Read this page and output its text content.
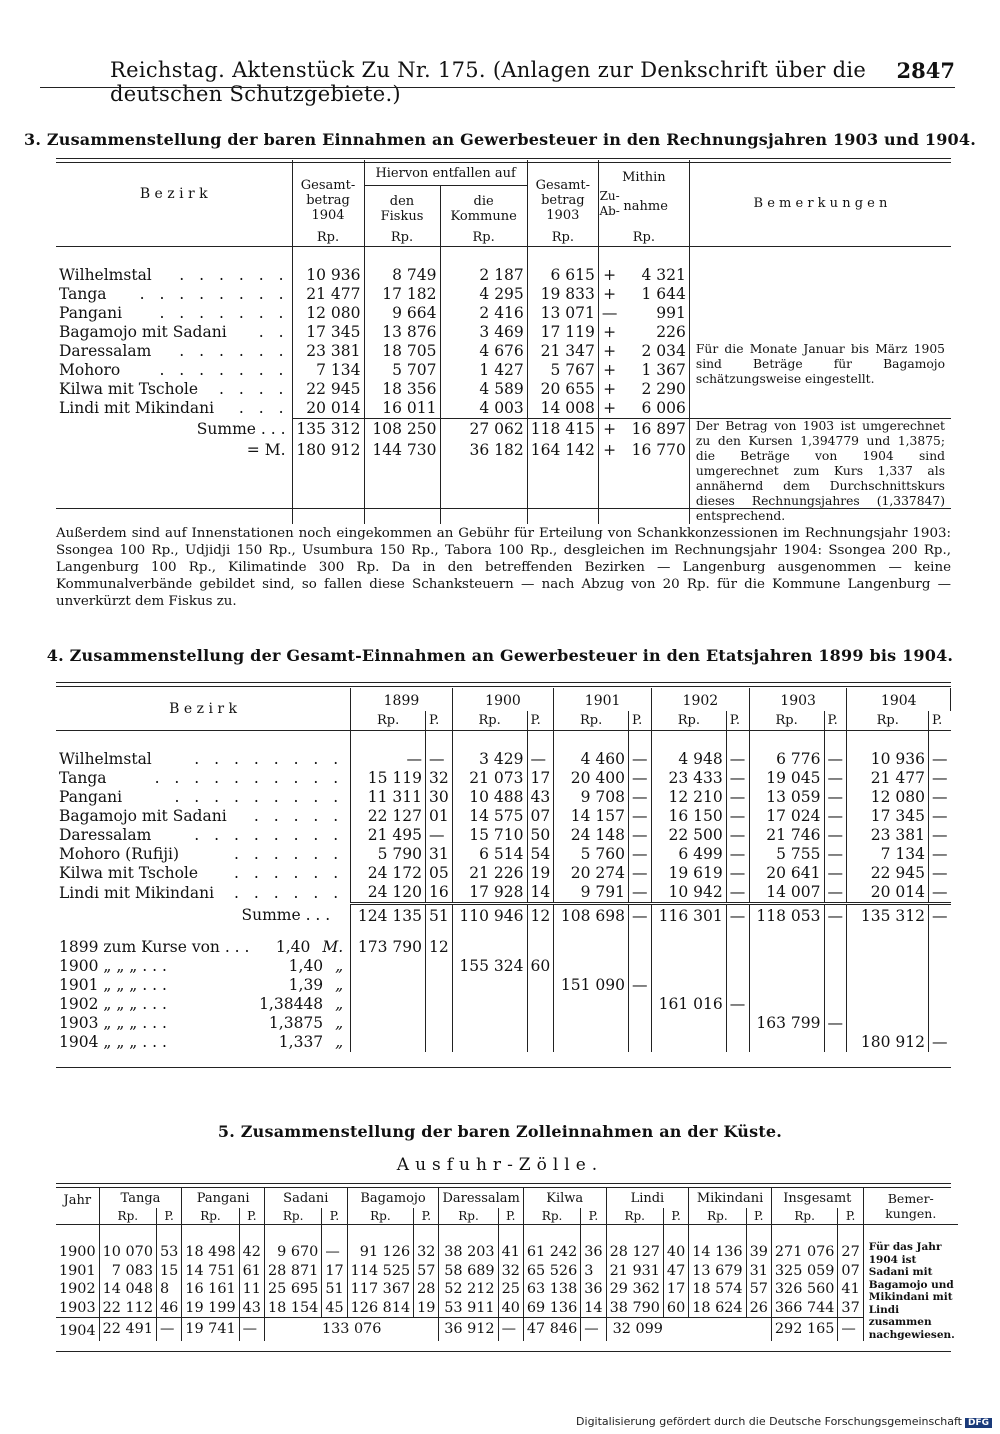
Reichstag. Aktenstück Zu Nr. 175. (Anlagen zur Denkschrift über die deutschen Schutzgebiete.)
2847
3. Zusammenstellung der baren Einnahmen an Gewerbesteuer in den Rechnungsjahren 1903 und 1904.
B e z i r k	Gesamt-betrag 1904	Hiervon entfallen auf		Gesamt-betrag 1903	Mithin		B e m e r k u n g e n
		den Fiskus	die Kommune		Zu- Ab-	nahme	
	Rp.	Rp.	Rp.	Rp.	Rp.		

Wilhelmstal . . . . . .	10 936	8 749	2 187	6 615	+	4 321	
Tanga . . . . . . . .	21 477	17 182	4 295	19 833	+	1 644	
Pangani . . . . . . .	12 080	9 664	2 416	13 071	—	991	
Bagamojo mit Sadani . .	17 345	13 876	3 469	17 119	+	226	
Daressalam . . . . . .	23 381	18 705	4 676	21 347	+	2 034	Für die Monate Januar bis März 1905 sind Beträge für Bagamojo schätzungsweise eingestellt.
Mohoro . . . . . . .	7 134	5 707	1 427	5 767	+	1 367	
Kilwa mit Tschole . . . .	22 945	18 356	4 589	20 655	+	2 290	
Lindi mit Mikindani . . .	20 014	16 011	4 003	14 008	+	6 006	
Summe . . .	135 312	108 250	27 062	118 415	+	16 897	Der Betrag von 1903 ist umgerechnet zu den Kursen 1,394779 und 1,3875; die Beträge von 1904 sind umgerechnet zum Kurs 1,337 als annähernd dem Durchschnittskurs dieses Rechnungsjahres (1,337847) entsprechend.
= M.	180 912	144 730	36 182	164 142	+	16 770	

Außerdem sind auf Innenstationen noch eingekommen an Gebühr für Erteilung von Schankkonzessionen im Rechnungsjahr 1903: Ssongea 100 Rp., Udjidji 150 Rp., Usumbura 150 Rp., Tabora 100 Rp., desgleichen im Rechnungsjahr 1904: Ssongea 200 Rp., Langenburg 100 Rp., Kilimatinde 300 Rp. Da in den betreffenden Bezirken — Langenburg ausgenommen — keine Kommunalverbände gebildet sind, so fallen diese Schanksteuern — nach Abzug von 20 Rp. für die Kommune Langenburg — unverkürzt dem Fiskus zu.
4. Zusammenstellung der Gesamt-Einnahmen an Gewerbesteuer in den Etatsjahren 1899 bis 1904.
B e z i r k	1899		1900		1901		1902		1903		1904	
	Rp.	P.	Rp.	P.	Rp.	P.	Rp.	P.	Rp.	P.	Rp.	P.

Wilhelmstal . . . . . . . .	—	—	3 429	—	4 460	—	4 948	—	6 776	—	10 936	—
Tanga . . . . . . . . . .	15 119	32	21 073	17	20 400	—	23 433	—	19 045	—	21 477	—
Pangani . . . . . . . . .	11 311	30	10 488	43	9 708	—	12 210	—	13 059	—	12 080	—
Bagamojo mit Sadani . . . . .	22 127	01	14 575	07	14 157	—	16 150	—	17 024	—	17 345	—
Daressalam . . . . . . . .	21 495	—	15 710	50	24 148	—	22 500	—	21 746	—	23 381	—
Mohoro (Rufiji) . . . . . .	5 790	31	6 514	54	5 760	—	6 499	—	5 755	—	7 134	—
Kilwa mit Tschole . . . . . .	24 172	05	21 226	19	20 274	—	19 619	—	20 641	—	22 945	—
Lindi mit Mikindani . . . . . .	24 120	16	17 928	14	9 791	—	10 942	—	14 007	—	20 014	—
Summe . . .	124 135	51	110 946	12	108 698	—	116 301	—	118 053	—	135 312	—
1899 zum Kurse von . . . 1,40 M.	173 790	12										
1900 „ „ „ . . . 1,40 „			155 324	60								
1901 „ „ „ . . . 1,39 „					151 090	—						
1902 „ „ „ . . . 1,38448 „							161 016	—				
1903 „ „ „ . . . 1,3875 „									163 799	—		
1904 „ „ „ . . . 1,337 „											180 912	—
5. Zusammenstellung der baren Zolleinnahmen an der Küste.
Ausfuhr-Zölle.
Jahr	Tanga		Pangani		Sadani		Bagamojo		Daressalam		Kilwa		Lindi		Mikindani		Insgesamt		Bemer-kungen.
	Rp.	P.	Rp.	P.	Rp.	P.	Rp.	P.	Rp.	P.	Rp.	P.	Rp.	P.	Rp.	P.	Rp.	P.	
																			Für das Jahr 1904 ist Sadani mit Bagamojo und Mikindani mit Lindi zusammen nachgewiesen.
1900	10 070	53	18 498	42	9 670	—	91 126	32	38 203	41	61 242	36	28 127	40	14 136	39	271 076	27	
1901	7 083	15	14 751	61	28 871	17	114 525	57	58 689	32	65 526	3	21 931	47	13 679	31	325 059	07	
1902	14 048	8	16 161	11	25 695	51	117 367	28	52 212	25	63 138	36	29 362	17	18 574	57	326 560	41	
1903	22 112	46	19 199	43	18 154	45	126 814	19	53 911	40	69 136	14	38 790	60	18 624	26	366 744	37	
1904	22 491	—	19 741	—	133 076				36 912	—	47 846	—	32 099				292 165	—	
Digitalisierung gefördert durch die Deutsche Forschungsgemeinschaft DFG
